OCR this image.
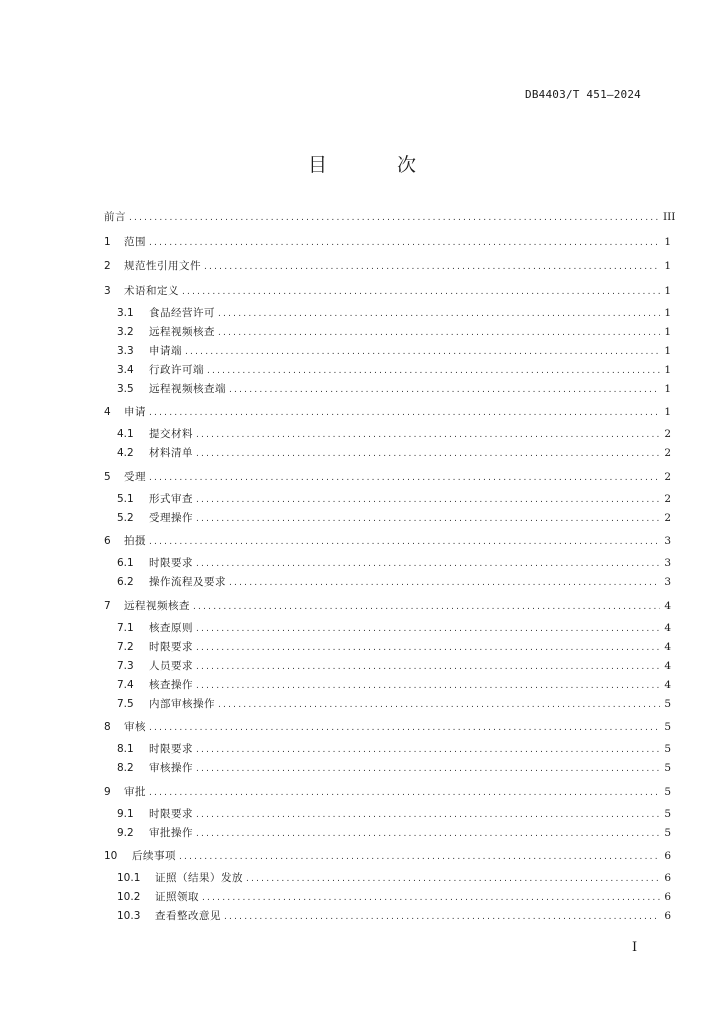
DB4403/T 451—2024
目 次
前言 .....	III
1	范围 .....	1
2	规范性引用文件 .....	1
3	术语和定义 .....	1
3.1	食品经营许可 .....	1
3.2	远程视频核查 .....	1
3.3	申请端 .....	1
3.4	行政许可端 .....	1
3.5	远程视频核查端 .....	1
4	申请 .....	1
4.1	提交材料 .....	2
4.2	材料清单 .....	2
5	受理 .....	2
5.1	形式审查 .....	2
5.2	受理操作 .....	2
6	拍摄 .....	3
6.1	时限要求 .....	3
6.2	操作流程及要求 .....	3
7	远程视频核查 .....	4
7.1	核查原则 .....	4
7.2	时限要求 .....	4
7.3	人员要求 .....	4
7.4	核查操作 .....	4
7.5	内部审核操作 .....	5
8	审核 .....	5
8.1	时限要求 .....	5
8.2	审核操作 .....	5
9	审批 .....	5
9.1	时限要求 .....	5
9.2	审批操作 .....	5
10	后续事项 .....	6
10.1	证照（结果）发放 .....	6
10.2	证照领取 .....	6
10.3	查看整改意见 .....	6
I
